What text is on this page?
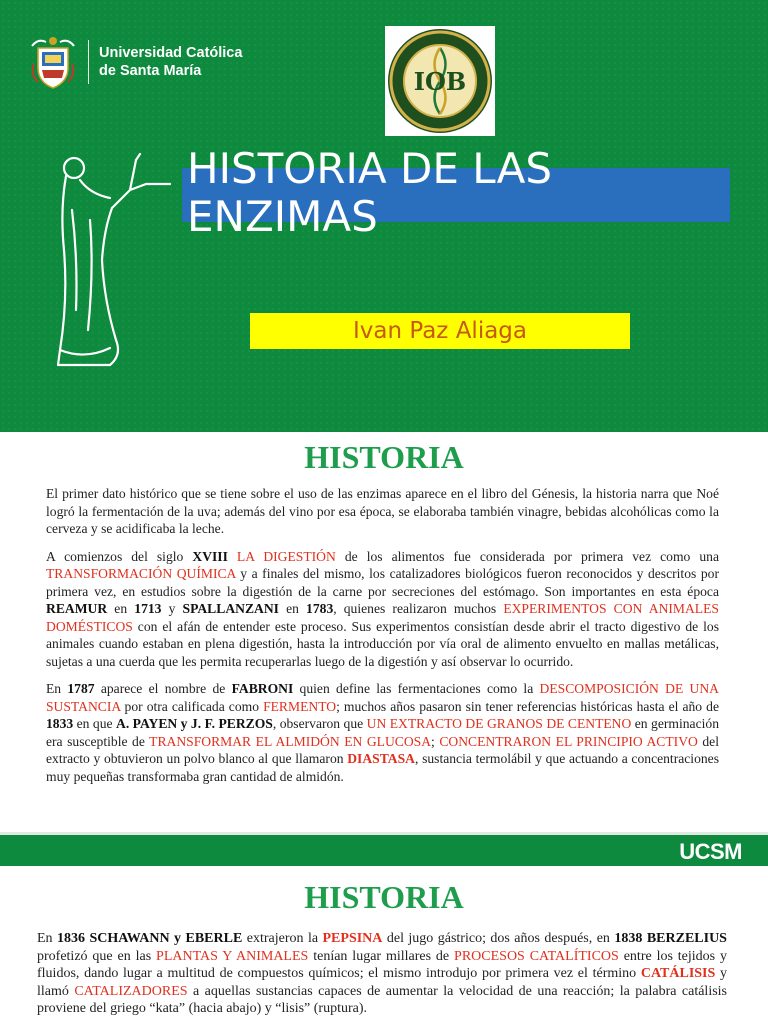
Universidad Católica
de Santa María	IOB
HISTORIA DE LAS ENZIMAS
Ivan Paz Aliaga
HISTORIA

El primer dato histórico que se tiene sobre el uso de las enzimas aparece en el libro del Génesis, la historia narra que Noé logró la fermentación de la uva; además del vino por esa época, se elaboraba también vinagre, bebidas alcohólicas como la cerveza y se acidificaba la leche.

A comienzos del siglo XVIII LA DIGESTIÓN de los alimentos fue considerada por primera vez como una TRANSFORMACIÓN QUÍMICA y a finales del mismo, los catalizadores biológicos fueron reconocidos y descritos por primera vez, en estudios sobre la digestión de la carne por secreciones del estómago. Son importantes en esta época REAMUR en 1713 y SPALLANZANI en 1783, quienes realizaron muchos EXPERIMENTOS CON ANIMALES DOMÉSTICOS con el afán de entender este proceso. Sus experimentos consistían desde abrir el tracto digestivo de los animales cuando estaban en plena digestión, hasta la introducción por vía oral de alimento envuelto en mallas metálicas, sujetas a una cuerda que les permita recuperarlas luego de la digestión y así observar lo ocurrido.

En 1787 aparece el nombre de FABRONI quien define las fermentaciones como la DESCOMPOSICIÓN DE UNA SUSTANCIA por otra calificada como FERMENTO; muchos años pasaron sin tener referencias históricas hasta el año de 1833 en que A. PAYEN y J. F. PERZOS, observaron que UN EXTRACTO DE GRANOS DE CENTENO en germinación era susceptible de TRANSFORMAR EL ALMIDÓN EN GLUCOSA; CONCENTRARON EL PRINCIPIO ACTIVO del extracto y obtuvieron un polvo blanco al que llamaron DIASTASA, sustancia termolábil y que actuando a concentraciones muy pequeñas transformaba gran cantidad de almidón.

UCSM
HISTORIA

En 1836 SCHAWANN y EBERLE extrajeron la PEPSINA del jugo gástrico; dos años después, en 1838 BERZELIUS profetizó que en las PLANTAS Y ANIMALES tenían lugar millares de PROCESOS CATALÍTICOS entre los tejidos y fluidos, dando lugar a multitud de compuestos químicos; el mismo introdujo por primera vez el término CATÁLISIS y llamó CATALIZADORES a aquellas sustancias capaces de aumentar la velocidad de una reacción; la palabra catálisis proviene del griego “kata” (hacia abajo) y “lisis” (ruptura).
